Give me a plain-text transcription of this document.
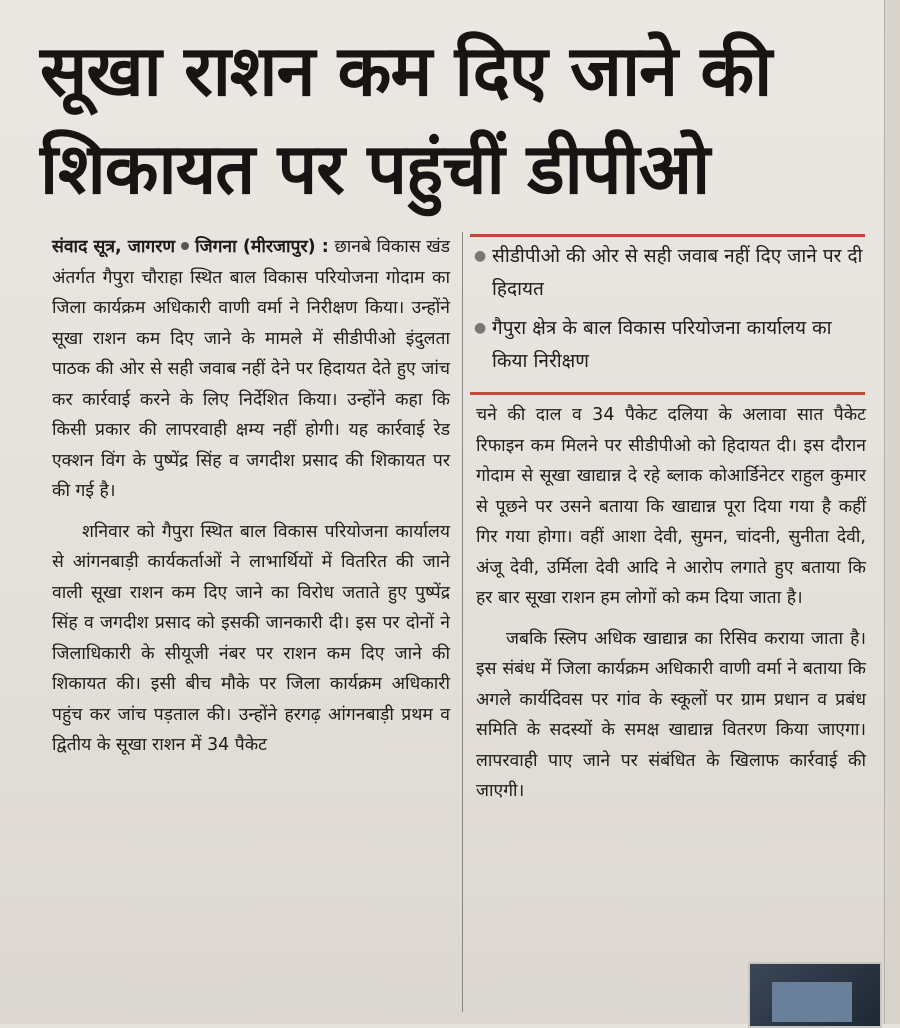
सूखा राशन कम दिए जाने की
शिकायत पर पहुंचीं डीपीओ

संवाद सूत्र, जागरण जिगना (मीरजापुर) : छानबे विकास खंड अंतर्गत गैपुरा चौराहा स्थित बाल विकास परियोजना गोदाम का जिला कार्यक्रम अधिकारी वाणी वर्मा ने निरीक्षण किया। उन्होंने सूखा राशन कम दिए जाने के मामले में सीडीपीओ इंदुलता पाठक की ओर से सही जवाब नहीं देने पर हिदायत देते हुए जांच कर कार्रवाई करने के लिए निर्देशित किया। उन्होंने कहा कि किसी प्रकार की लापरवाही क्षम्य नहीं होगी। यह कार्रवाई रेड एक्शन विंग के पुष्पेंद्र सिंह व जगदीश प्रसाद की शिकायत पर की गई है।

शनिवार को गैपुरा स्थित बाल विकास परियोजना कार्यालय से आंगनबाड़ी कार्यकर्ताओं ने लाभार्थियों में वितरित की जाने वाली सूखा राशन कम दिए जाने का विरोध जताते हुए पुष्पेंद्र सिंह व जगदीश प्रसाद को इसकी जानकारी दी। इस पर दोनों ने जिलाधिकारी के सीयूजी नंबर पर राशन कम दिए जाने की शिकायत की। इसी बीच मौके पर जिला कार्यक्रम अधिकारी पहुंच कर जांच पड़ताल की। उन्होंने हरगढ़ आंगनबाड़ी प्रथम व द्वितीय के सूखा राशन में 34 पैकेट

● सीडीपीओ की ओर से सही जवाब नहीं दिए जाने पर दी हिदायत
● गैपुरा क्षेत्र के बाल विकास परियोजना कार्यालय का किया निरीक्षण

चने की दाल व 34 पैकेट दलिया के अलावा सात पैकेट रिफाइन कम मिलने पर सीडीपीओ को हिदायत दी। इस दौरान गोदाम से सूखा खाद्यान्न दे रहे ब्लाक कोआर्डिनेटर राहुल कुमार से पूछने पर उसने बताया कि खाद्यान्न पूरा दिया गया है कहीं गिर गया होगा। वहीं आशा देवी, सुमन, चांदनी, सुनीता देवी, अंजू देवी, उर्मिला देवी आदि ने आरोप लगाते हुए बताया कि हर बार सूखा राशन हम लोगों को कम दिया जाता है।

जबकि स्लिप अधिक खाद्यान्न का रिसिव कराया जाता है। इस संबंध में जिला कार्यक्रम अधिकारी वाणी वर्मा ने बताया कि अगले कार्यदिवस पर गांव के स्कूलों पर ग्राम प्रधान व प्रबंध समिति के सदस्यों के समक्ष खाद्यान्न वितरण किया जाएगा। लापरवाही पाए जाने पर संबंधित के खिलाफ कार्रवाई की जाएगी।
